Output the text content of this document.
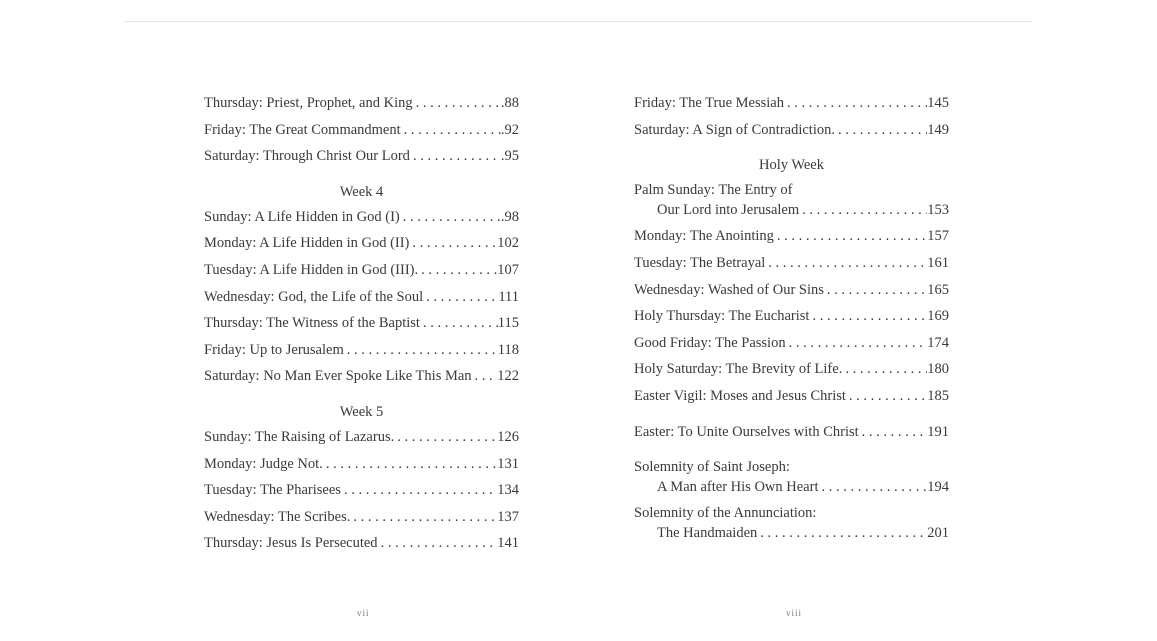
Thursday: Priest, Prophet, and King . . .	.88
Friday: The Great Commandment . . .	.92
Saturday: Through Christ Our Lord . . .	.95
Week 4
Sunday: A Life Hidden in God (I) . . .	.98
Monday: A Life Hidden in God (II) . . .	102
Tuesday: A Life Hidden in God (III). . . .	107
Wednesday: God, the Life of the Soul . . .	111
Thursday: The Witness of the Baptist . . .	115
Friday: Up to Jerusalem . . .	118
Saturday: No Man Ever Spoke Like This Man . . . 122
Week 5
Sunday: The Raising of Lazarus. . . .	126
Monday: Judge Not. . . .	131
Tuesday: The Pharisees . . .	134
Wednesday: The Scribes. . . .	137
Thursday: Jesus Is Persecuted . . .	141
Friday: The True Messiah . . .	145
Saturday: A Sign of Contradiction. . . .	149
Holy Week
Palm Sunday: The Entry of
Our Lord into Jerusalem . . .	153
Monday: The Anointing . . .	157
Tuesday: The Betrayal . . .	161
Wednesday: Washed of Our Sins . . .	165
Holy Thursday: The Eucharist . . .	169
Good Friday: The Passion . . .	174
Holy Saturday: The Brevity of Life. . . .	180
Easter Vigil: Moses and Jesus Christ . . .	185
Easter: To Unite Ourselves with Christ . . .	191
Solemnity of Saint Joseph:
A Man after His Own Heart . . .	194
Solemnity of the Annunciation:
The Handmaiden . . .	201
vii	viii
